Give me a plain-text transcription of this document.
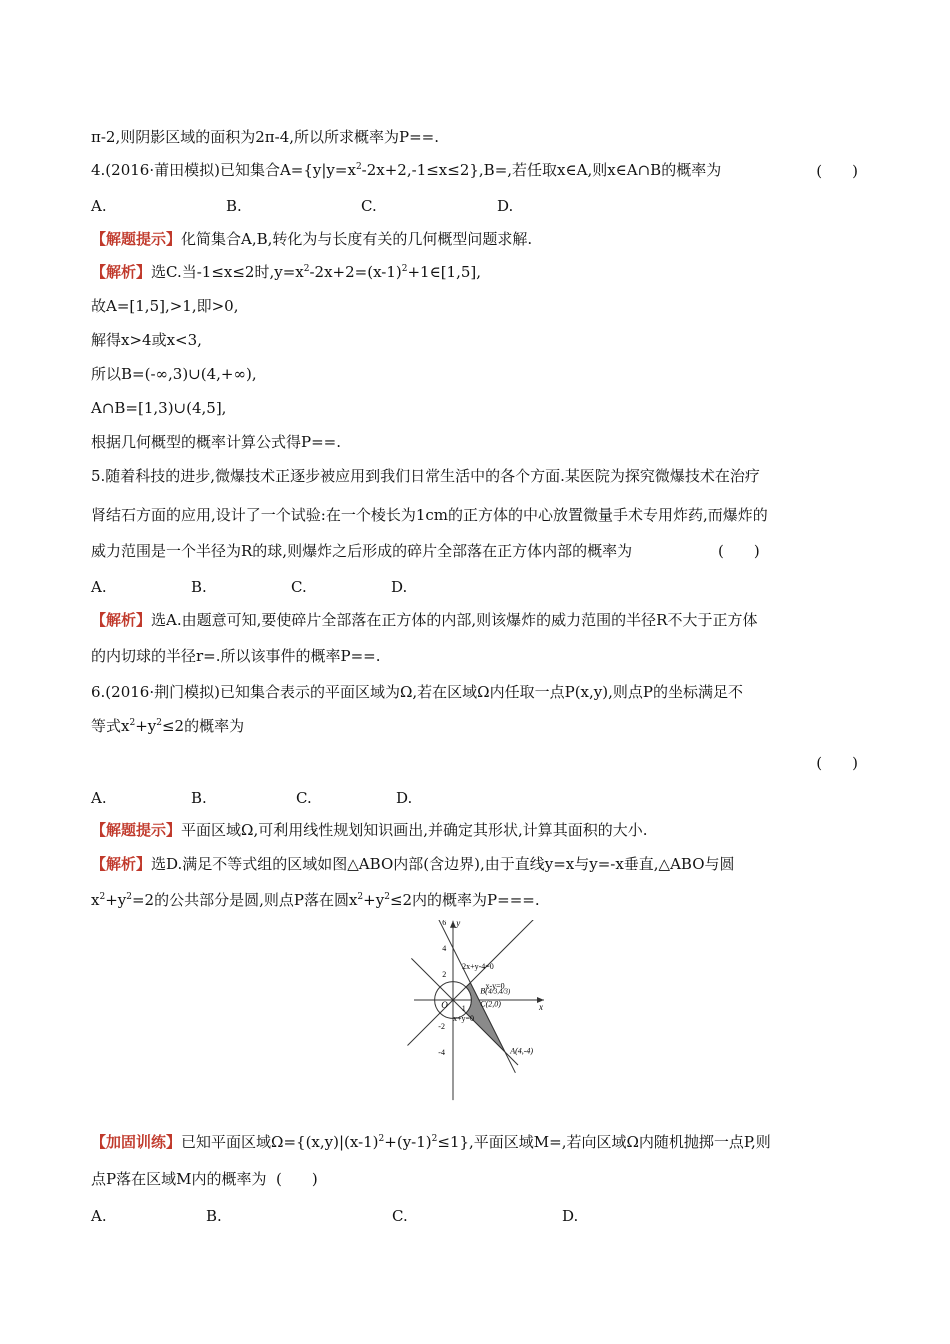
π-2,则阴影区域的面积为2π-4,所以所求概率为P==.
4.(2016·莆田模拟)已知集合$A=\{y|y=x^2-2x+2,-1\le x\le 2\},B=$,若任取x∈A,则x∈A∩B的概率为	(　　)
A.	B.	C.	D.
【解题提示】化简集合A,B,转化为与长度有关的几何概型问题求解.
【解析】选C.当-1≤x≤2时$,y=x^2-2x+2=(x-1)^2+1\in[1,5]$,
故A=[1,5],>1,即>0,
解得x>4或x<3,
所以B=(-∞,3)∪(4,+∞),
A∩B=[1,3)∪(4,5],
根据几何概型的概率计算公式得P==.
5.随着科技的进步,微爆技术正逐步被应用到我们日常生活中的各个方面.某医院为探究微爆技术在治疗
肾结石方面的应用,设计了一个试验:在一个棱长为1cm的正方体的中心放置微量手术专用炸药,而爆炸的
威力范围是一个半径为R的球,则爆炸之后形成的碎片全部落在正方体内部的概率为	(　　)
A.	B.	C.	D.
【解析】选A.由题意可知,要使碎片全部落在正方体的内部,则该爆炸的威力范围的半径R不大于正方体
的内切球的半径r=.所以该事件的概率P==.
6.(2016·荆门模拟)已知集合表示的平面区域为Ω,若在区域Ω内任取一点P(x,y),则点P的坐标满足不
等式$x^2+y^2\le 2$的概率为
(　　)
A.	B.	C.	D.
【解题提示】平面区域Ω,可利用线性规划知识画出,并确定其形状,计算其面积的大小.
【解析】选D.满足不等式组的区域如图△ABO内部(含边界),由于直线y=x与y=-x垂直,△ABO与圆
$x^2+y^2=2$的公共部分是圆,则点P落在圆$x^2+y^2\le 2$内的概率为P===.
y
x
O
6
4
2
1
-2
-4
2x+y-4=0
x-y=0
x+y=0
B(
C(2,0)
A(4,-4)
4/3,4/3)
【加固训练】已知平面区域$\Omega=\{(x,y)|(x-1)^2+(y-1)^2\le 1\}$,平面区域M=,若向区域Ω内随机抛掷一点P,则
点P落在区域M内的概率为 (　　)
A.	B.	C.	D.
